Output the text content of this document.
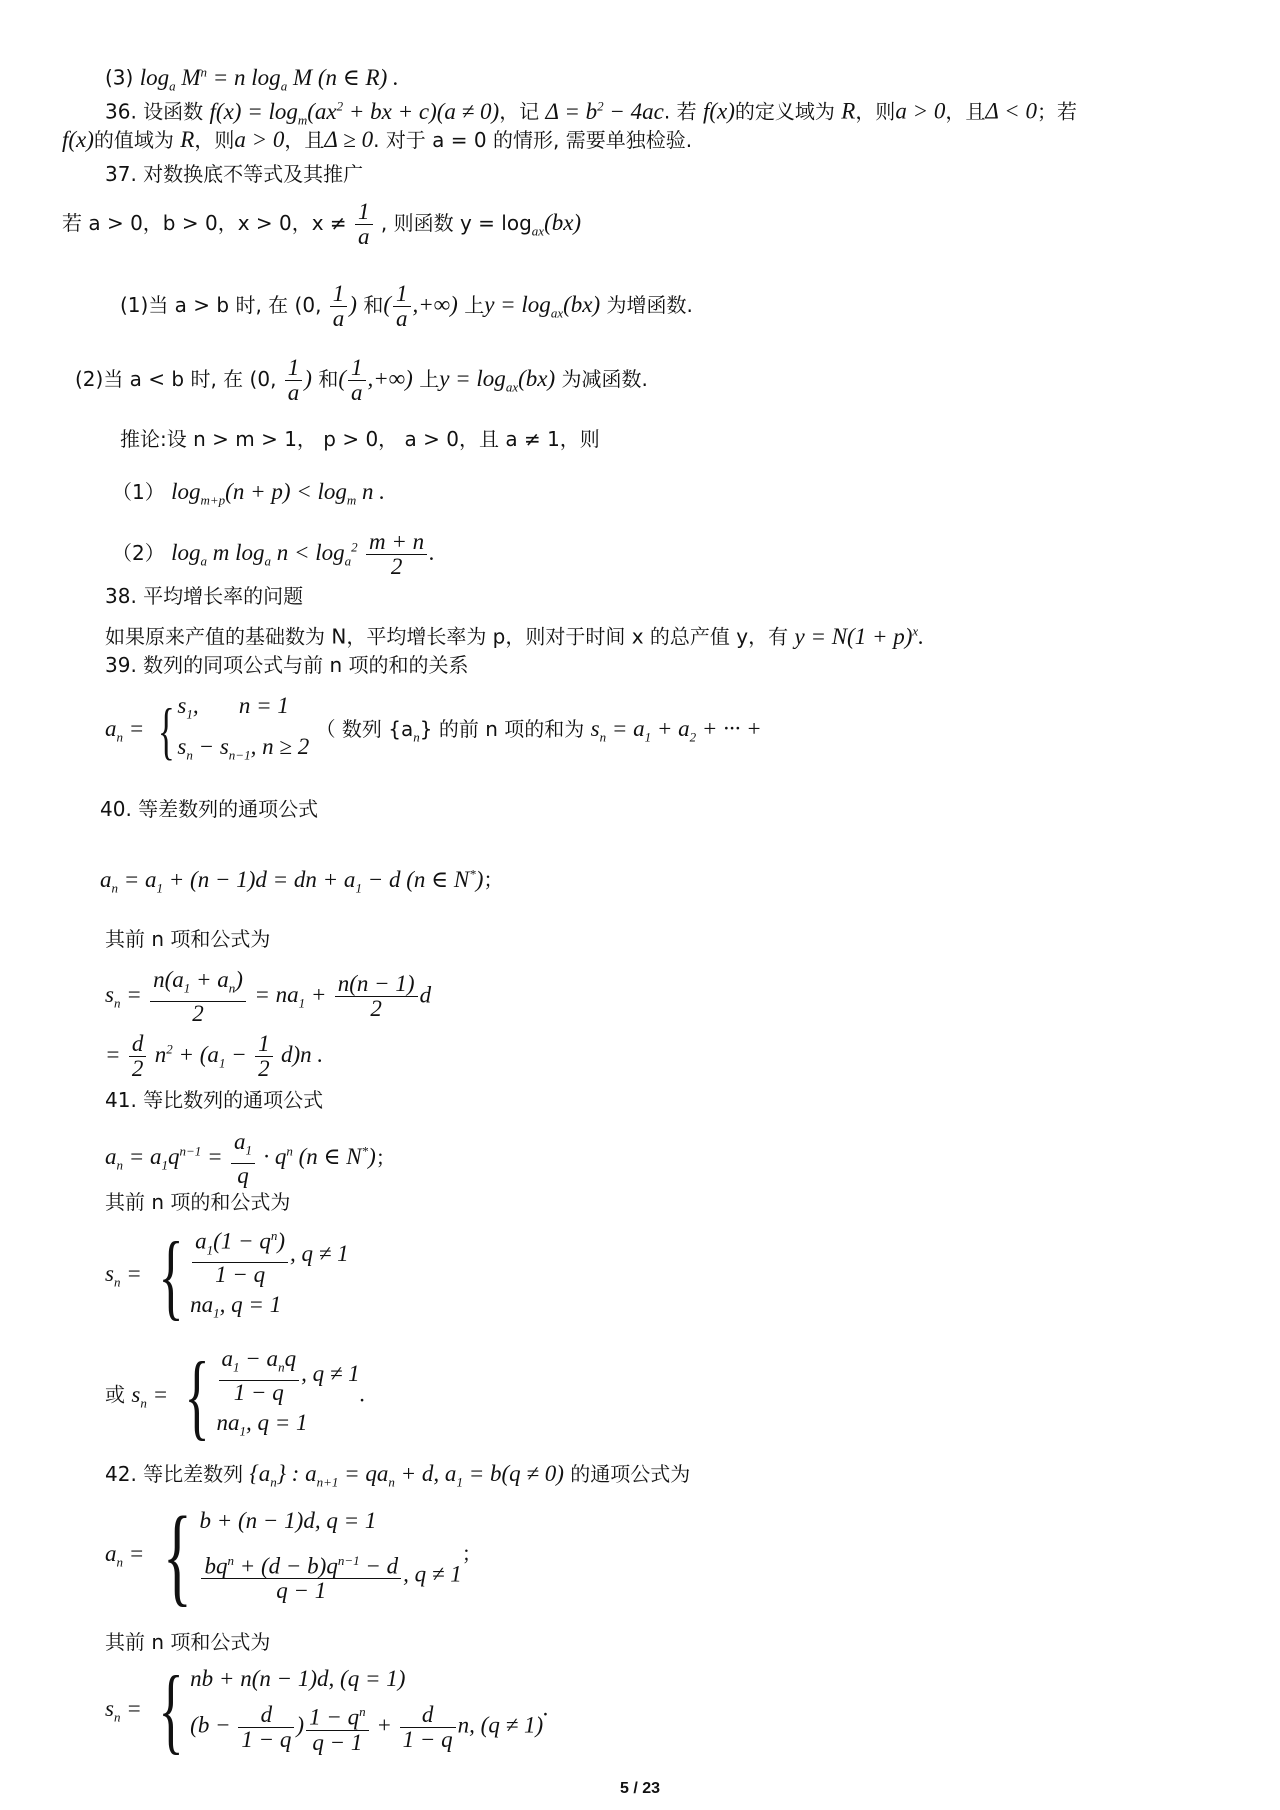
(3) $\log_a M^n = n$ $\log_a M$ (n ∈ R) .
36. 设函数 $f(x) = \log_m(ax^2$ + bx + c)(a ≠ 0)，记 $\Delta = b^2 - 4ac$. 若 f(x)的定义域为 R，则a > 0，且Δ < 0；若
f(x)的值域为 R，则a > 0，且Δ ≥ 0. 对于 a = 0 的情形, 需要单独检验.
37. 对数换底不等式及其推广
若 a > 0，b > 0，x > 0，$x \ne \frac{1}{a}$ , 则函数 $y = \log_{ax}(bx)$
(1)当 a > b 时, 在 (0, $\frac{1}{a}$ ) 和( $\frac{1}{a}$ ,+∞) 上$y = \log_{ax}(bx)$ 为增函数.
(2)当 a < b 时, 在 (0, $\frac{1}{a}$ ) 和( $\frac{1}{a}$ ,+∞) 上$y = \log_{ax}(bx)$ 为减函数.
推论:设 n > m > 1， p > 0， a > 0，且 a ≠ 1，则
（1） $\log_{m+p}(n + p) < \log_m n$ .
（2） $\log_a m$ $\log_a n < \log_a^2 \frac{m + n}{2}$ .
38. 平均增长率的问题
如果原来产值的基础数为 N，平均增长率为 p，则对于时间 x 的总产值 y，有 $y = N(1 + p)^x$.
39. 数列的同项公式与前 n 项的和的关系
$a_n$ = { $s_1$,       n = 1
$s_n - s_{n-1}$, n ≥ 2
（ 数列 $\{a_n\}$ 的前 n 项的和为 $s_n = a_1 + a_2$ + ··· +
40. 等差数列的通项公式
$a_n = a_1 + (n - 1)d$ = dn + $a_1 - d$ (n ∈ N*)；
其前 n 项和公式为
$s_n = \frac{n(a_1 + a_n)}{2} = na_1 + \frac{n(n - 1)}{2}$ d
= $\frac{d}{2} n^2 + (a_1 - \frac{1}{2} d)n$ .
41. 等比数列的通项公式
$a_n = a_1q^{n-1} = \frac{a_1}{q} \cdot q^n$ (n ∈ N*)；
其前 n 项的和公式为
$s_n$ = { $\frac{a_1(1 - q^n)}{1 - q}$ , q ≠ 1
$na_1$, q = 1
或 $s_n$ = { $\frac{a_1 - a_nq}{1 - q}$ , q ≠ 1
$na_1$, q = 1
.
42. 等比差数列 $\{a_n\}$ : $a_{n+1} = qa_n + d$, $a_1 = b(q \ne 0)$ 的通项公式为
$a_n$ = { b + (n − 1)d, q = 1
$\frac{bq^n + (d - b)q^{n-1} - d}{q - 1}$ , q ≠ 1
；
其前 n 项和公式为
$s_n$ = { nb + n(n − 1)d, (q = 1)
($b - \frac{d}{1 - q}$ ) $\frac{1 - q^n}{q - 1} + \frac{d}{1 - q} n$, (q ≠ 1)
.
5 / 23
